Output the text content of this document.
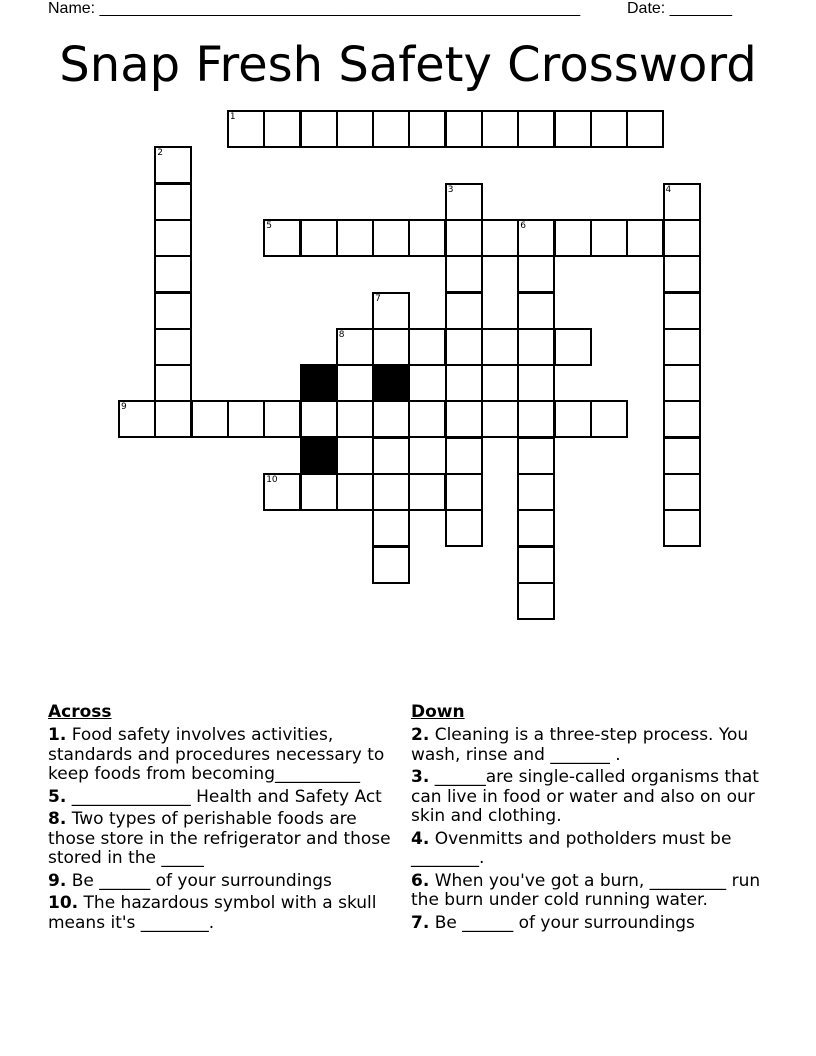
Name: ______________________________________________________	Date: _______
Snap Fresh Safety Crossword
1
2
3	4
5	6
7
8
9
10
Across
1. Food safety involves activities, standards and procedures necessary to keep foods from becoming__________
5. ______________ Health and Safety Act
8. Two types of perishable foods are those store in the refrigerator and those stored in the _____
9. Be ______ of your surroundings
10. The hazardous symbol with a skull means it's ________.
Down
2. Cleaning is a three-step process. You wash, rinse and _______ .
3. ______are single-called organisms that can live in food or water and also on our skin and clothing.
4. Ovenmitts and potholders must be ________.
6. When you've got a burn, _________ run the burn under cold running water.
7. Be ______ of your surroundings
